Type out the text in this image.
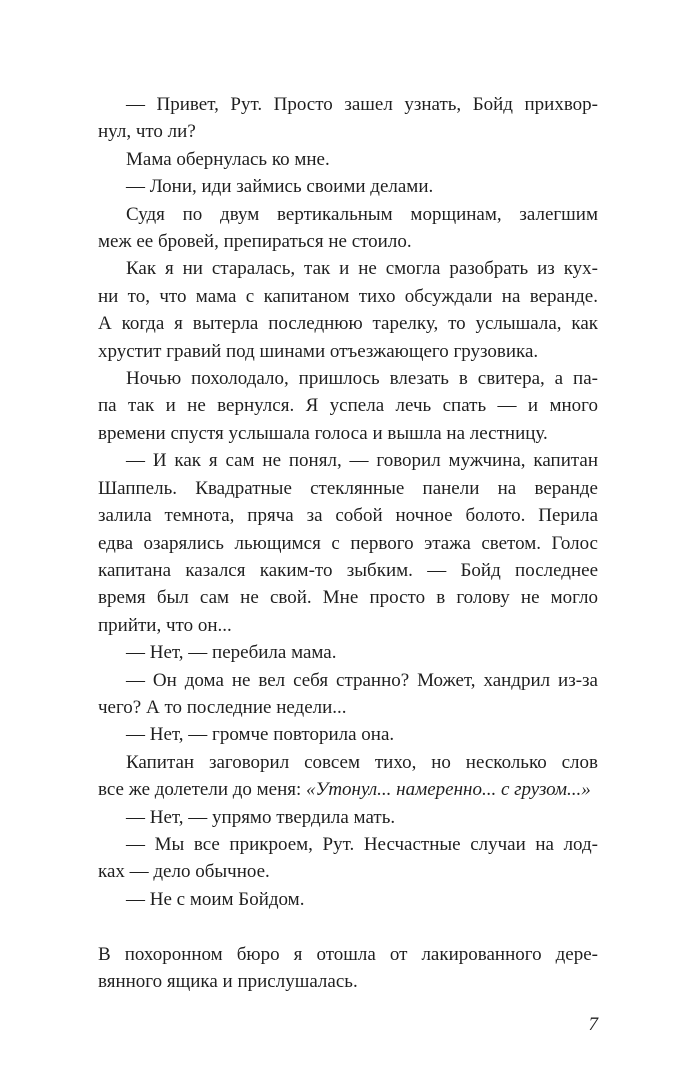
— Привет, Рут. Просто зашел узнать, Бойд прихвор-
нул, что ли?
Мама обернулась ко мне.
— Лони, иди займись своими делами.
Судя по двум вертикальным морщинам, залегшим
меж ее бровей, препираться не стоило.
Как я ни старалась, так и не смогла разобрать из кух-
ни то, что мама с капитаном тихо обсуждали на веранде.
А когда я вытерла последнюю тарелку, то услышала, как
хрустит гравий под шинами отъезжающего грузовика.
Ночью похолодало, пришлось влезать в свитера, а па-
па так и не вернулся. Я успела лечь спать — и много
времени спустя услышала голоса и вышла на лестницу.
— И как я сам не понял, — говорил мужчина, капитан
Шаппель. Квадратные стеклянные панели на веранде
залила темнота, пряча за собой ночное болото. Перила
едва озарялись льющимся с первого этажа светом. Голос
капитана казался каким-то зыбким. — Бойд последнее
время был сам не свой. Мне просто в голову не могло
прийти, что он...
— Нет, — перебила мама.
— Он дома не вел себя странно? Может, хандрил из-за
чего? А то последние недели...
— Нет, — громче повторила она.
Капитан заговорил совсем тихо, но несколько слов
все же долетели до меня: «Утонул... намеренно... с грузом...»
— Нет, — упрямо твердила мать.
— Мы все прикроем, Рут. Несчастные случаи на лод-
ках — дело обычное.
— Не с моим Бойдом.
В похоронном бюро я отошла от лакированного дере-
вянного ящика и прислушалась.
7
